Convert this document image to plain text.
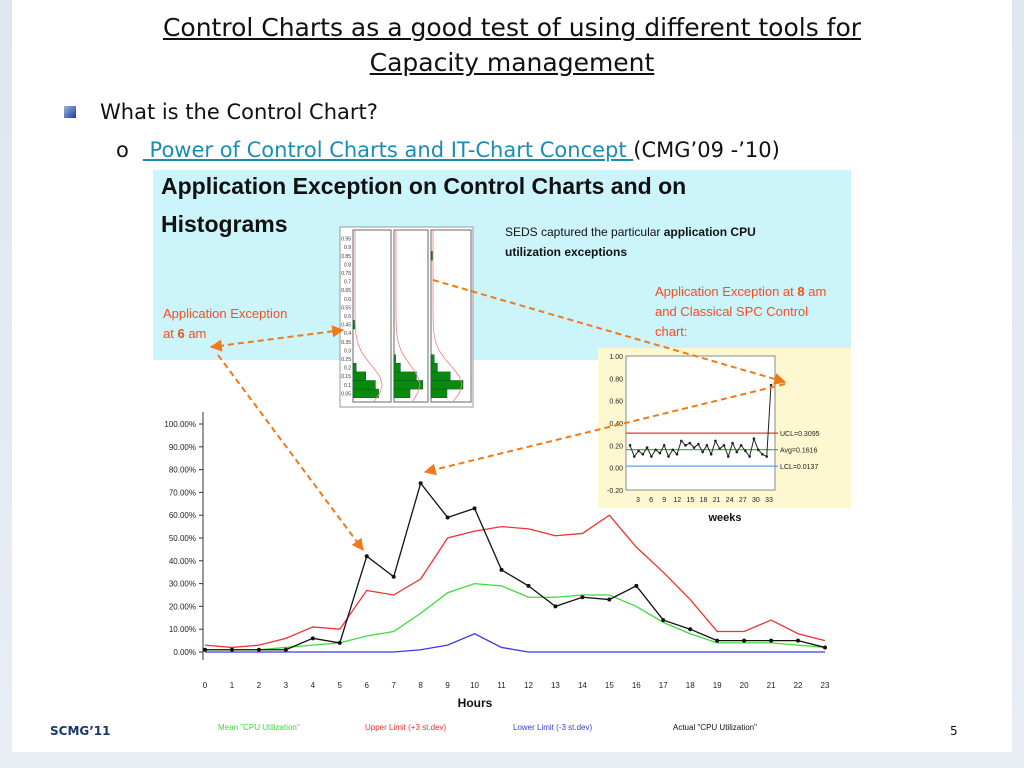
Control Charts as a good test of using different tools for
Capacity management
What is the Control Chart?
o Power of Control Charts and IT-Chart Concept (CMG’09 -’10)
Application Exception on Control Charts and on
Histograms	SEDS captured the particular application CPU
utilization exceptions
Application Exception
at 6 am
Application Exception at 8 am
and Classical SPC Control
chart:
0.05
0.1
0.15
0.2
0.25
0.3
0.35
0.4
0.45
0.5
0.55
0.6
0.65
0.7
0.75
0.8
0.85
0.9
0.95
-0.20
0.00
0.20
0.40
0.60
0.80
1.00
UCL=0.3095
Avg=0.1616
LCL=0.0137
3 6 9 12 15 18 21 24 27 30 33
weeks
0.00%
10.00%
20.00%
30.00%
40.00%
50.00%
60.00%
70.00%
80.00%
90.00%
100.00%
0	1	2	3	4	5	6	7	8	9	10 11 12 13 14 15 16 17 18 19 20 21 22 23
Hours
Mean "CPU Utilization"	Upper Limit (+3 st.dev)	Lower Limit (-3 st.dev)	Actual "CPU Utilization"
SCMG’11	5
